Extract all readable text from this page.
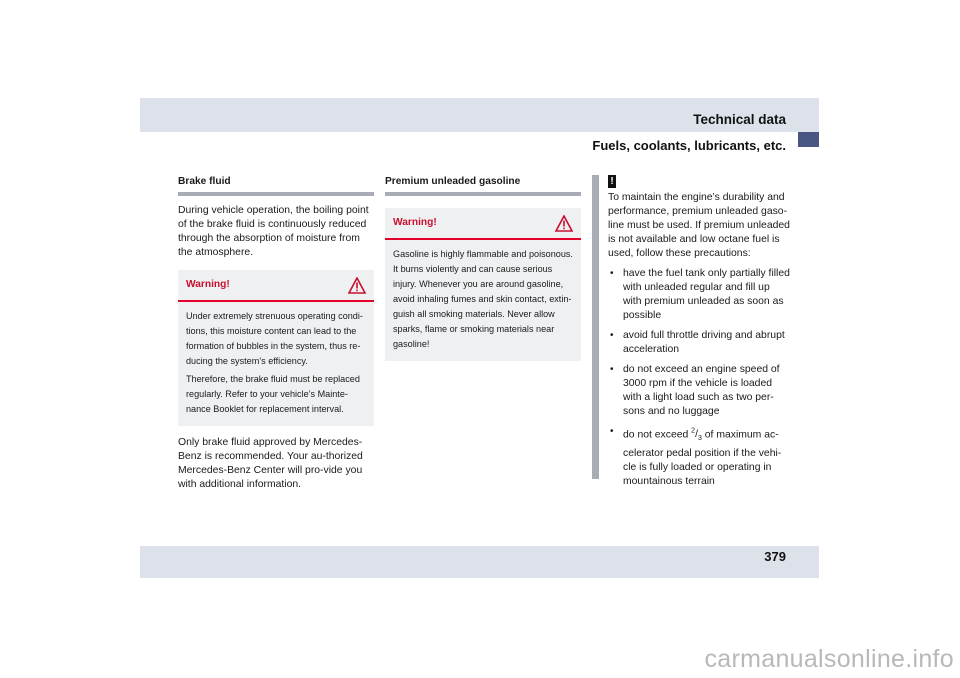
Technical data
Fuels, coolants, lubricants, etc.
Brake fluid

During vehicle operation, the boiling point of the brake fluid is continuously reduced through the absorption of moisture from the atmosphere.

Warning!

Under extremely strenuous operating condi-tions, this moisture content can lead to the formation of bubbles in the system, thus re-ducing the system’s efficiency.

Therefore, the brake fluid must be replaced regularly. Refer to your vehicle’s Mainte-nance Booklet for replacement interval.

Only brake fluid approved by Mercedes-Benz is recommended. Your au-thorized Mercedes-Benz Center will pro-vide you with additional information.

Premium unleaded gasoline
Warning!

Gasoline is highly flammable and poisonous. It burns violently and can cause serious injury. Whenever you are around gasoline, avoid inhaling fumes and skin contact, extin-guish all smoking materials. Never allow sparks, flame or smoking materials near gasoline!

!

To maintain the engine’s durability and performance, premium unleaded gaso-line must be used. If premium unleaded is not available and low octane fuel is used, follow these precautions:

• have the fuel tank only partially filled with unleaded regular and fill up with premium unleaded as soon as possible
• avoid full throttle driving and abrupt acceleration
• do not exceed an engine speed of 3000 rpm if the vehicle is loaded with a light load such as two per-sons and no luggage
• do not exceed $^2/_3$ of maximum ac-celerator pedal position if the vehi-cle is fully loaded or operating in mountainous terrain
379
carmanualsonline.info
